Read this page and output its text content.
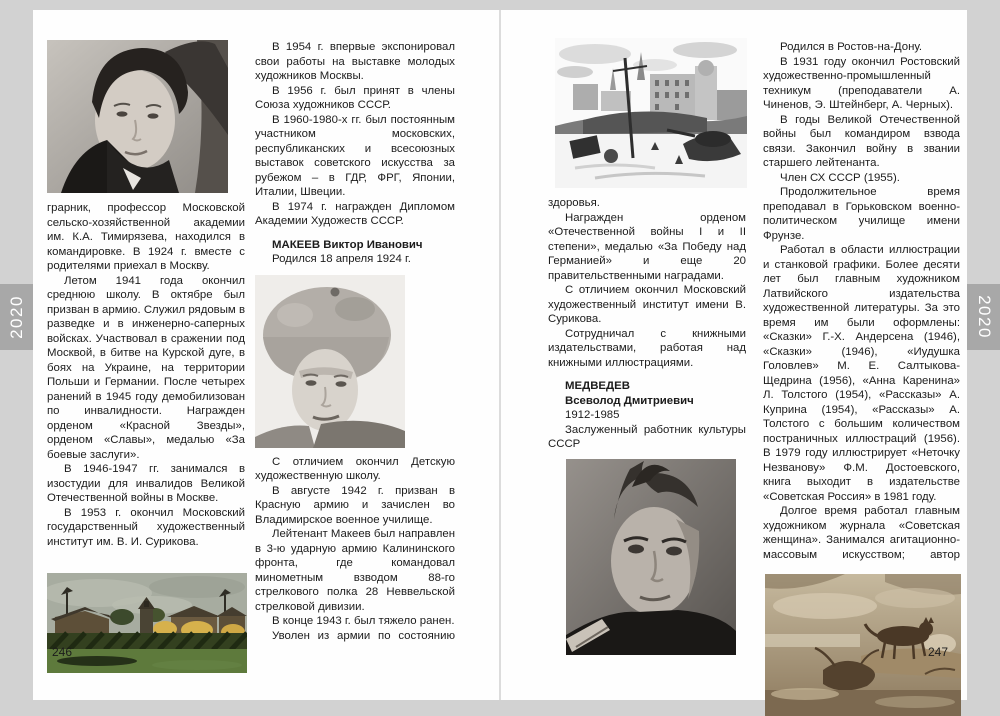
2020	2020

грарник, профессор Московской сельско-хозяйственной академии им. К.А. Тимирязева, находился в командировке. В 1924 г. вместе с родителями приехал в Москву.

Летом 1941 года окончил среднюю школу. В октябре был призван в армию. Служил рядовым в разведке и в инженерно-саперных войсках. Участвовал в сражении под Москвой, в битве на Курской дуге, в боях на Украине, на территории Польши и Германии. После четырех ранений в 1945 году демобилизован по инвалидности. Награжден орденом «Красной Звезды», орденом «Славы», медалью «За боевые заслуги».

В 1946-1947 гг. занимался в изостудии для инвалидов Великой Отечественной войны в Москве.

В 1953 г. окончил Московский государственный художественный институт им. В. И. Сурикова.

В 1954 г. впервые экспонировал свои работы на выставке молодых художников Москвы.

В 1956 г. был принят в члены Союза художников СССР.

В 1960-1980-х гг. был постоянным участником московских, республиканских и всесоюзных выставок советского искусства за рубежом – в ГДР, ФРГ, Японии, Италии, Швеции.

В 1974 г. награжден Дипломом Академии Художеств СССР.

МАКЕЕВ Виктор Иванович

Родился 18 апреля 1924 г.

С отличием окончил Детскую художественную школу.

В августе 1942 г. призван в Красную армию и зачислен во Владимирское военное училище.

Лейтенант Макеев был направлен в 3-ю ударную армию Калининского фронта, где командовал минометным взводом 88-го стрелкового полка 28 Неввельской стрелковой дивизии.

В конце 1943 г. был тяжело ранен.

Уволен из армии по состоянию

здоровья.

Награжден орденом «Отечественной войны I и II степени», медалью «За Победу над Германией» и еще 20 правительственными наградами.

С отличием окончил Московский художественный институт имени В. Сурикова.

Сотрудничал с книжными издательствами, работая над книжными иллюстрациями.

МЕДВЕДЕВ

Всеволод Дмитриевич

1912-1985

Заслуженный работник культуры СССР

Родился в Ростов-на-Дону.

В 1931 году окончил Ростовский художественно-промышленный техникум (преподаватели А. Чиненов, Э. Штейнберг, А. Черных).

В годы Великой Отечественной войны был командиром взвода связи. Закончил войну в звании старшего лейтенанта.

Член СХ СССР (1955).

Продолжительное время преподавал в Горьковском военно-политическом училище имени Фрунзе.

Работал в области иллюстрации и станковой графики. Более десяти лет был главным художником Латвийского издательства художественной литературы. За это время им были оформлены: «Сказки» Г.-Х. Андерсена (1946), «Сказки» (1946), «Иудушка Головлев» М. Е. Салтыкова-Щедрина (1956), «Анна Каренина» Л. Толстого (1954), «Рассказы» А. Куприна (1954), «Рассказы» А. Толстого с большим количеством постраничных иллюстраций (1956). В 1979 году иллюстрирует «Неточку Незванову» Ф.М. Достоевского, книга выходит в издательстве «Советская Россия» в 1981 году.

Долгое время работал главным художником журнала «Советская женщина». Занимался агитационно-массовым искусством; автор

246	247
